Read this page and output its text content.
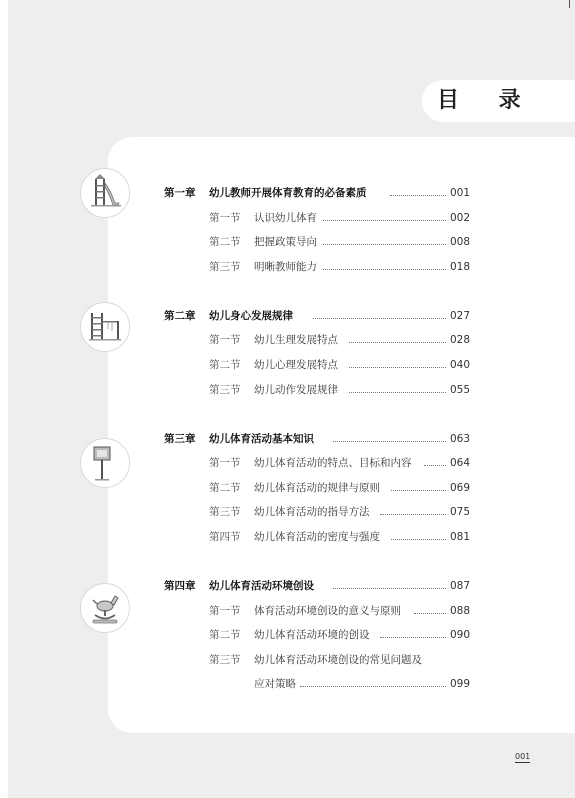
目 录
第一章 幼儿教师开展体育教育的必备素质	001
第一节 认识幼儿体育	002
第二节 把握政策导向	008
第三节 明晰教师能力	018
第二章 幼儿身心发展规律	027
第一节 幼儿生理发展特点	028
第二节 幼儿心理发展特点	040
第三节 幼儿动作发展规律	055
第三章 幼儿体育活动基本知识	063
第一节 幼儿体育活动的特点、目标和内容	064
第二节 幼儿体育活动的规律与原则	069
第三节 幼儿体育活动的指导方法	075
第四节 幼儿体育活动的密度与强度	081
第四章 幼儿体育活动环境创设	087
第一节 体育活动环境创设的意义与原则	088
第二节 幼儿体育活动环境的创设	090
第三节 幼儿体育活动环境创设的常见问题及
应对策略	099
001
